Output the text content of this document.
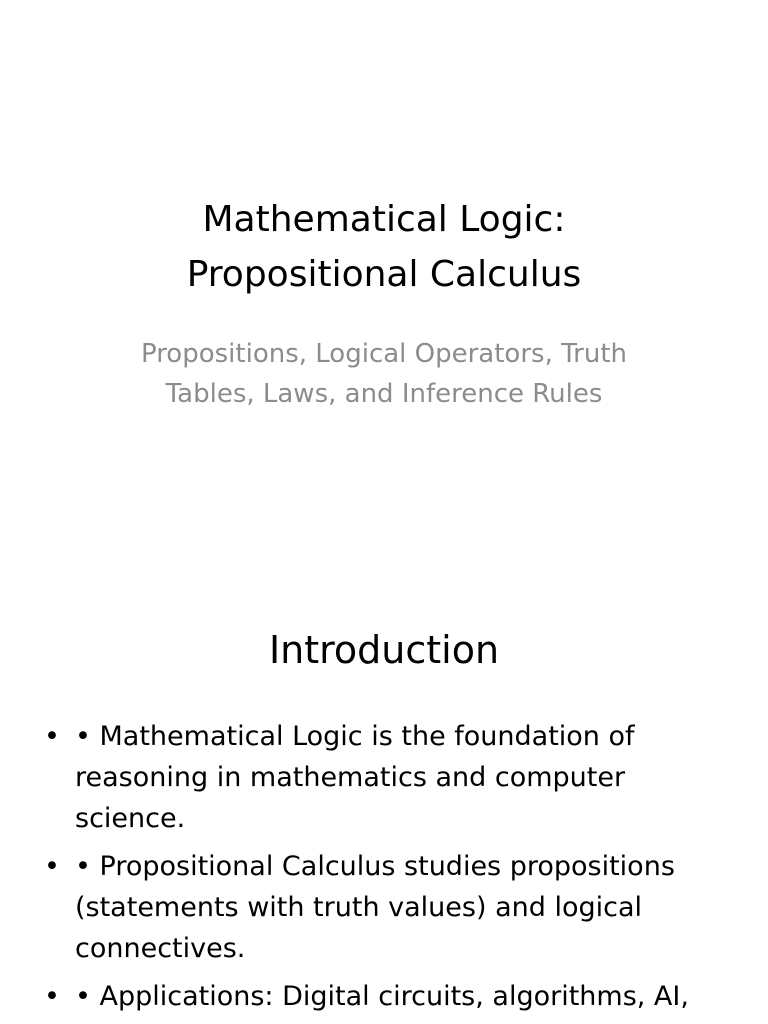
Mathematical Logic:
Propositional Calculus

Propositions, Logical Operators, Truth
Tables, Laws, and Inference Rules

Introduction
• • Mathematical Logic is the foundation of reasoning in mathematics and computer science.
• • Propositional Calculus studies propositions (statements with truth values) and logical connectives.
• • Applications: Digital circuits, algorithms, AI,
